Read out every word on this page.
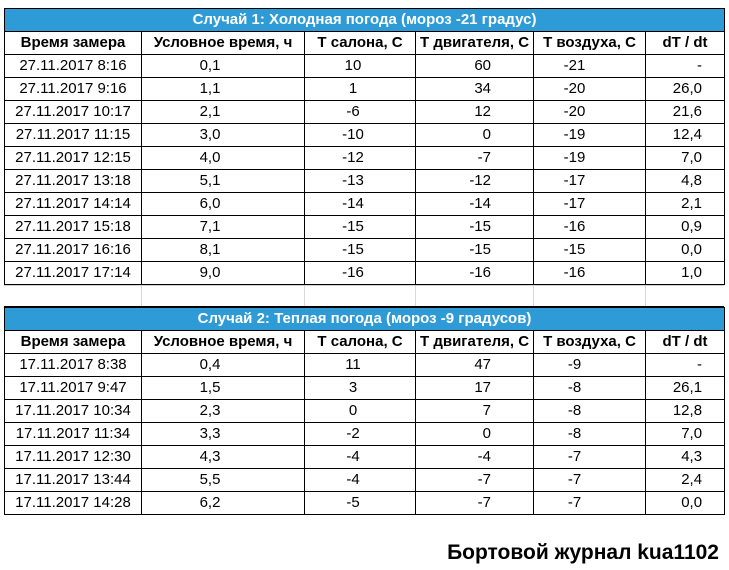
Случай 1: Холодная погода (мороз -21 градус)					
Время замера	Условное время, ч	T салона, C	T двигателя, C	T воздуха, C	dT / dt
27.11.2017 8:16	0,1	10	60	-21	-
27.11.2017 9:16	1,1	1	34	-20	26,0
27.11.2017 10:17	2,1	-6	12	-20	21,6
27.11.2017 11:15	3,0	-10	0	-19	12,4
27.11.2017 12:15	4,0	-12	-7	-19	7,0
27.11.2017 13:18	5,1	-13	-12	-17	4,8
27.11.2017 14:14	6,0	-14	-14	-17	2,1
27.11.2017 15:18	7,1	-15	-15	-16	0,9
27.11.2017 16:16	8,1	-15	-15	-15	0,0
27.11.2017 17:14	9,0	-16	-16	-16	1,0
Случай 2: Теплая погода (мороз -9 градусов)					
Время замера	Условное время, ч	T салона, C	T двигателя, C	T воздуха, C	dT / dt
17.11.2017 8:38	0,4	11	47	-9	-
17.11.2017 9:47	1,5	3	17	-8	26,1
17.11.2017 10:34	2,3	0	7	-8	12,8
17.11.2017 11:34	3,3	-2	0	-8	7,0
17.11.2017 12:30	4,3	-4	-4	-7	4,3
17.11.2017 13:44	5,5	-4	-7	-7	2,4
17.11.2017 14:28	6,2	-5	-7	-7	0,0
Бортовой журнал kua1102
